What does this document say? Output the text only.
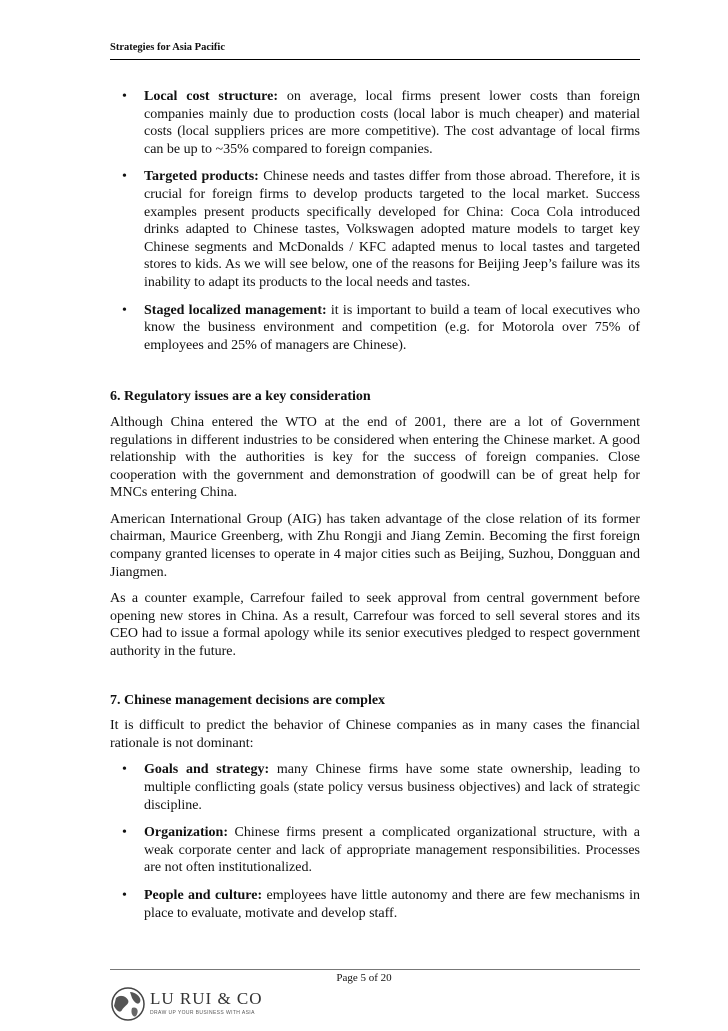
Strategies for Asia Pacific
• Local cost structure: on average, local firms present lower costs than foreign companies mainly due to production costs (local labor is much cheaper) and material costs (local suppliers prices are more competitive). The cost advantage of local firms can be up to ~35% compared to foreign companies.
• Targeted products: Chinese needs and tastes differ from those abroad. Therefore, it is crucial for foreign firms to develop products targeted to the local market. Success examples present products specifically developed for China: Coca Cola introduced drinks adapted to Chinese tastes, Volkswagen adopted mature models to target key Chinese segments and McDonalds / KFC adapted menus to local tastes and targeted stores to kids. As we will see below, one of the reasons for Beijing Jeep’s failure was its inability to adapt its products to the local needs and tastes.
• Staged localized management: it is important to build a team of local executives who know the business environment and competition (e.g. for Motorola over 75% of employees and 25% of managers are Chinese).
6. Regulatory issues are a key consideration

Although China entered the WTO at the end of 2001, there are a lot of Government regulations in different industries to be considered when entering the Chinese market. A good relationship with the authorities is key for the success of foreign companies. Close cooperation with the government and demonstration of goodwill can be of great help for MNCs entering China.

American International Group (AIG) has taken advantage of the close relation of its former chairman, Maurice Greenberg, with Zhu Rongji and Jiang Zemin. Becoming the first foreign company granted licenses to operate in 4 major cities such as Beijing, Suzhou, Dongguan and Jiangmen.

As a counter example, Carrefour failed to seek approval from central government before opening new stores in China. As a result, Carrefour was forced to sell several stores and its CEO had to issue a formal apology while its senior executives pledged to respect government authority in the future.

7. Chinese management decisions are complex

It is difficult to predict the behavior of Chinese companies as in many cases the financial rationale is not dominant:

• Goals and strategy: many Chinese firms have some state ownership, leading to multiple conflicting goals (state policy versus business objectives) and lack of strategic discipline.
• Organization: Chinese firms present a complicated organizational structure, with a weak corporate center and lack of appropriate management responsibilities. Processes are not often institutionalized.
• People and culture: employees have little autonomy and there are few mechanisms in place to evaluate, motivate and develop staff.
Page 5 of 20
LU RUI & CO
DRAW UP YOUR BUSINESS WITH ASIA
